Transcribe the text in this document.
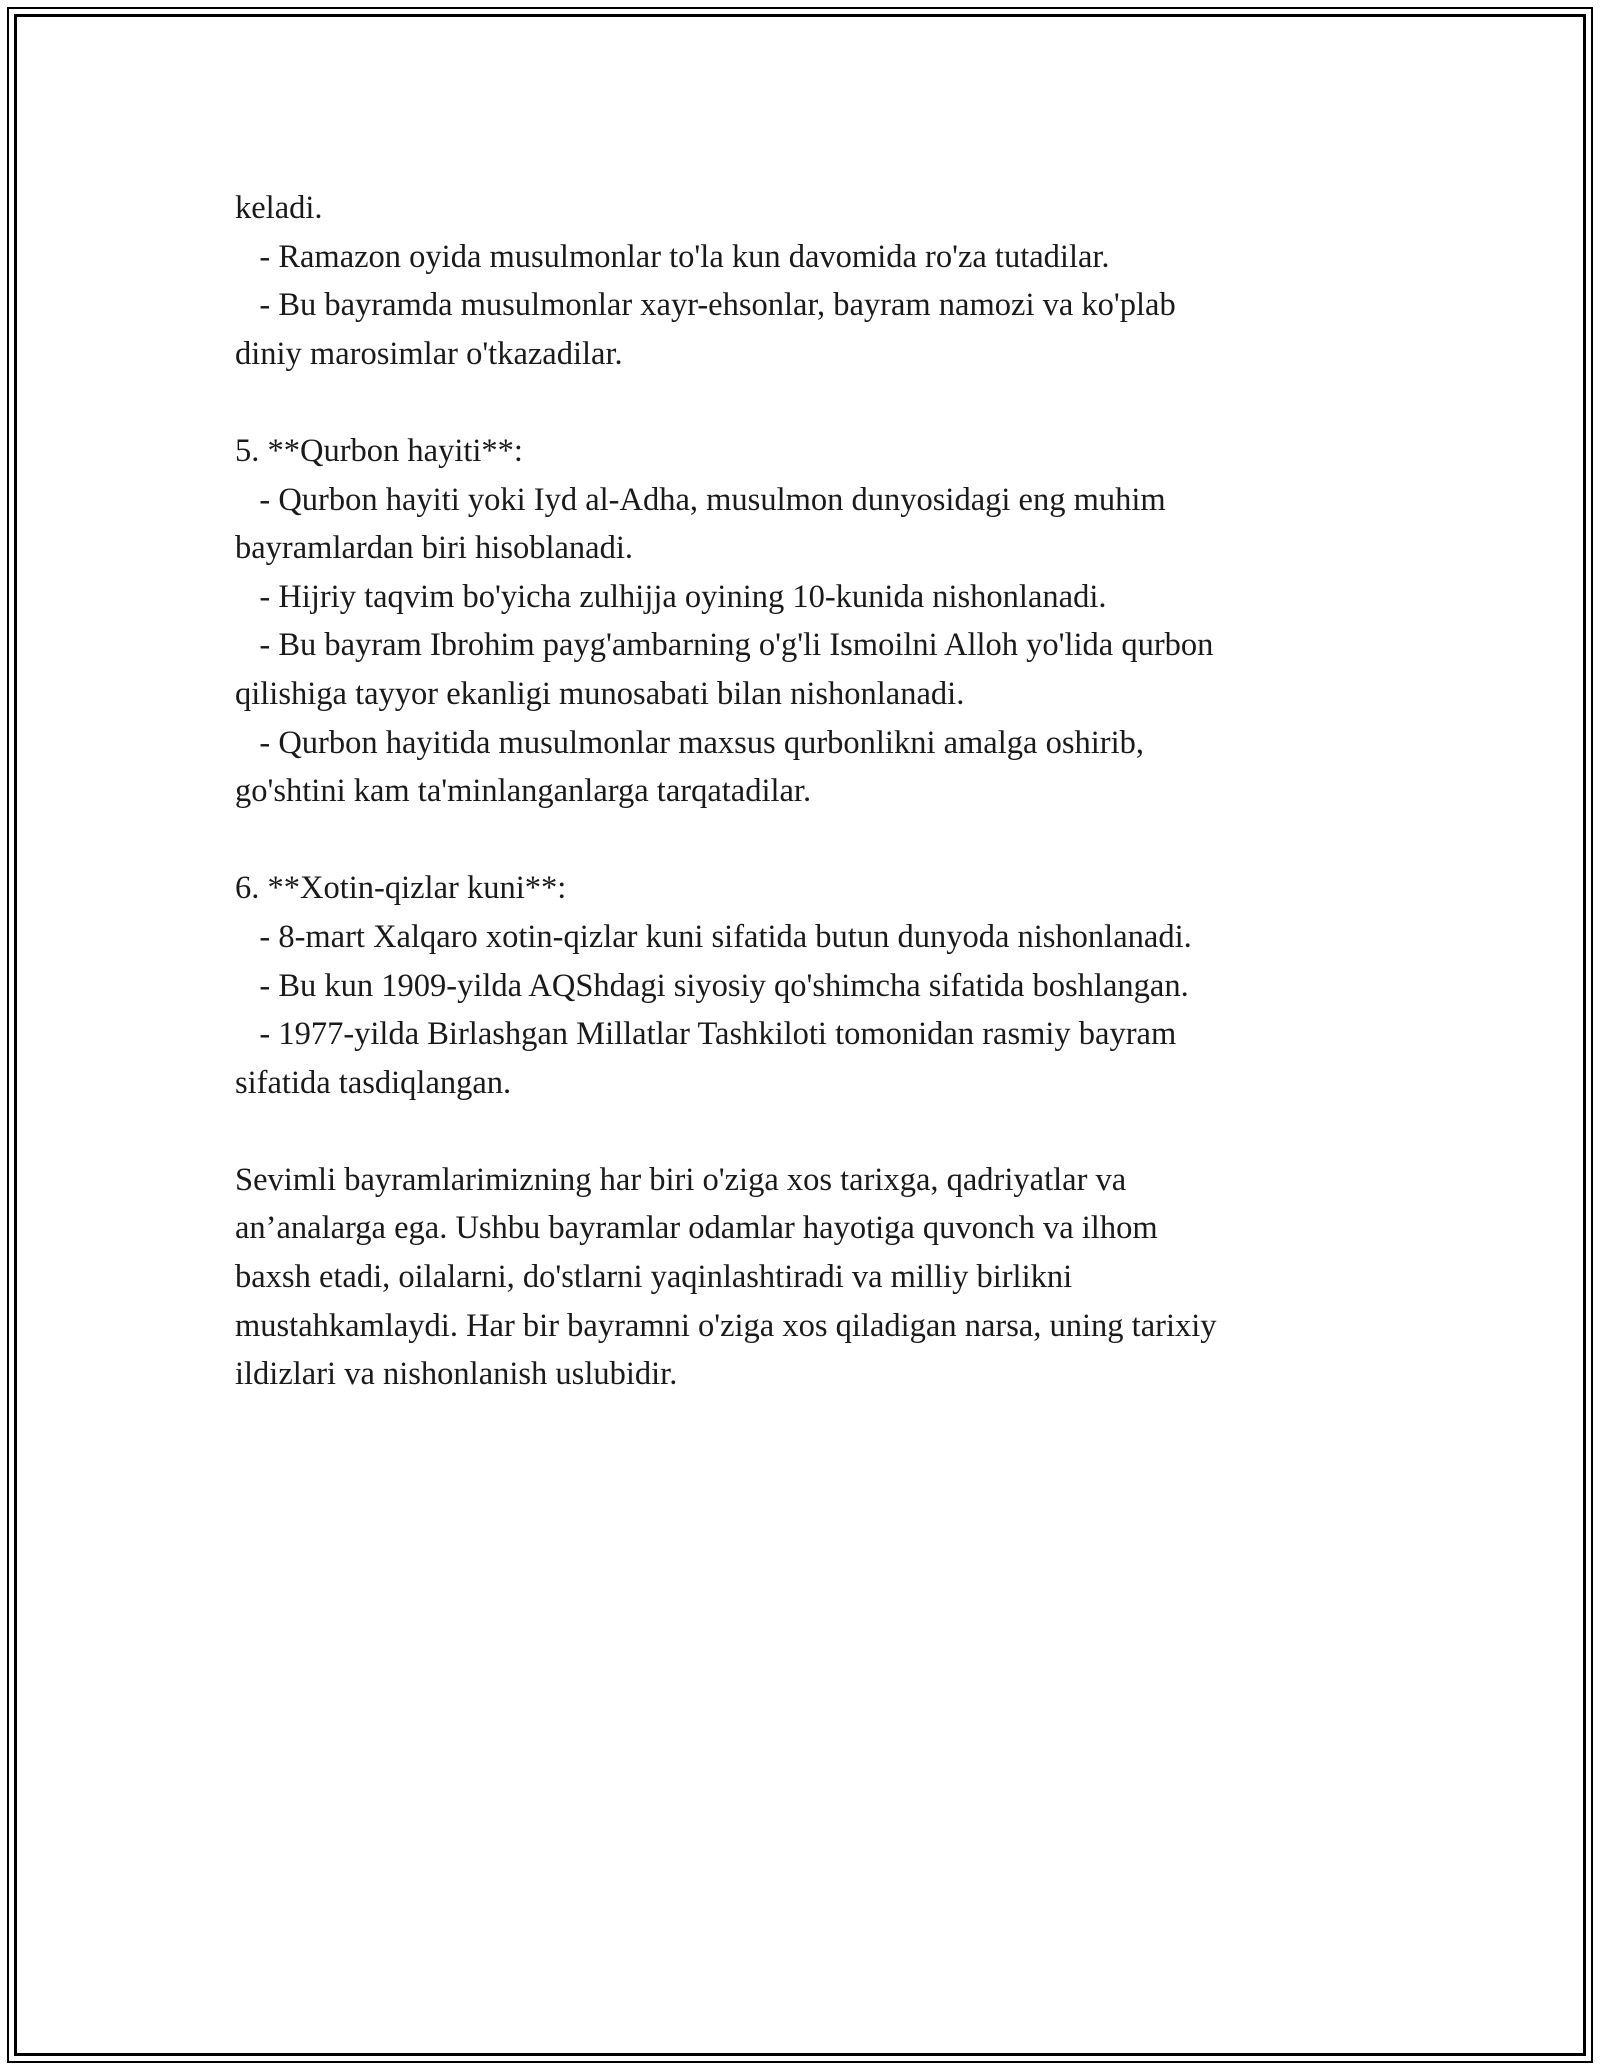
keladi.

- Ramazon oyida musulmonlar to'la kun davomida ro'za tutadilar.

- Bu bayramda musulmonlar xayr-ehsonlar, bayram namozi va ko'plab

diniy marosimlar o'tkazadilar.

5. **Qurbon hayiti**:

- Qurbon hayiti yoki Iyd al-Adha, musulmon dunyosidagi eng muhim

bayramlardan biri hisoblanadi.

- Hijriy taqvim bo'yicha zulhijja oyining 10-kunida nishonlanadi.

- Bu bayram Ibrohim payg'ambarning o'g'li Ismoilni Alloh yo'lida qurbon

qilishiga tayyor ekanligi munosabati bilan nishonlanadi.

- Qurbon hayitida musulmonlar maxsus qurbonlikni amalga oshirib,

go'shtini kam ta'minlanganlarga tarqatadilar.

6. **Xotin-qizlar kuni**:

- 8-mart Xalqaro xotin-qizlar kuni sifatida butun dunyoda nishonlanadi.

- Bu kun 1909-yilda AQShdagi siyosiy qo'shimcha sifatida boshlangan.

- 1977-yilda Birlashgan Millatlar Tashkiloti tomonidan rasmiy bayram

sifatida tasdiqlangan.

Sevimli bayramlarimizning har biri o'ziga xos tarixga, qadriyatlar va

an’analarga ega. Ushbu bayramlar odamlar hayotiga quvonch va ilhom

baxsh etadi, oilalarni, do'stlarni yaqinlashtiradi va milliy birlikni

mustahkamlaydi. Har bir bayramni o'ziga xos qiladigan narsa, uning tarixiy

ildizlari va nishonlanish uslubidir.
